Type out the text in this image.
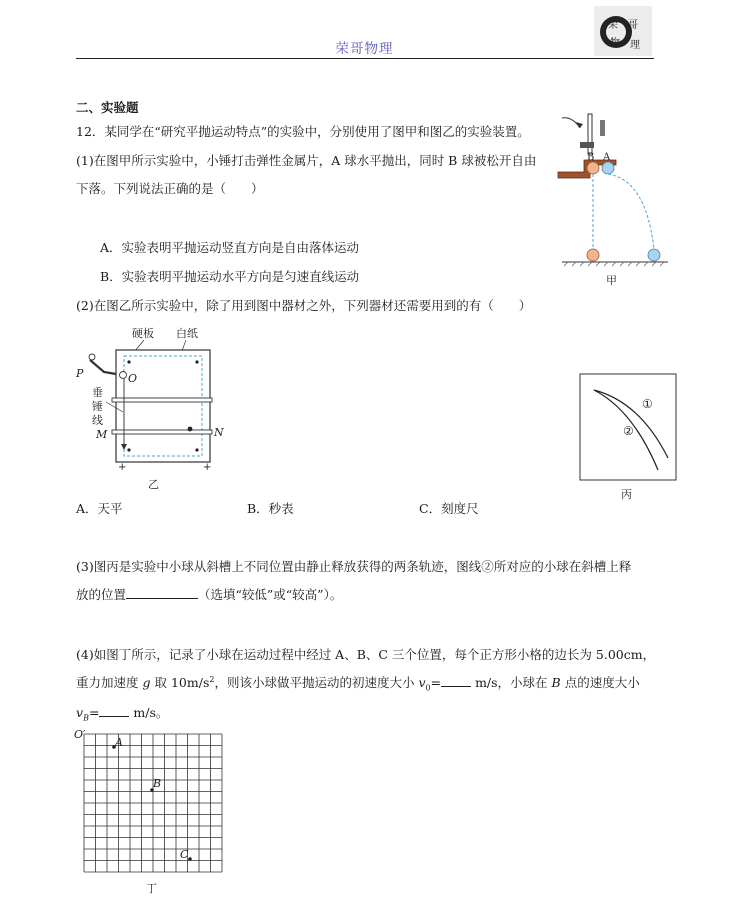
荣哥物理
荣 哥
物 理
二、实验题
12．某同学在“研究平抛运动特点”的实验中，分别使用了图甲和图乙的实验装置。
(1)在图甲所示实验中，小锤打击弹性金属片，A 球水平抛出，同时 B 球被松开自由
下落。下列说法正确的是（　　）
A．实验表明平抛运动竖直方向是自由落体运动
B．实验表明平抛运动水平方向是匀速直线运动
(2)在图乙所示实验中，除了用到图中器材之外，下列器材还需要用到的有（　　）
A．天平	B．秒表	C．刻度尺
(3)图丙是实验中小球从斜槽上不同位置由静止释放获得的两条轨迹，图线②所对应的小球在斜槽上释
放的位置	（选填“较低”或“较高”）。
(4)如图丁所示，记录了小球在运动过程中经过 A、B、C 三个位置，每个正方形小格的边长为 5.00cm，
重力加速度 g 取 $10m/s^2$，则该小球做平抛运动的初速度大小 $v_0=$	m/s，小球在 B 点的速度大小
$v_B=$	m/s。
B A
甲
硬板 白纸
P	O
垂
锤
线
M	N
+	+
乙
①
②
丙
O′
A
B
C
丁
